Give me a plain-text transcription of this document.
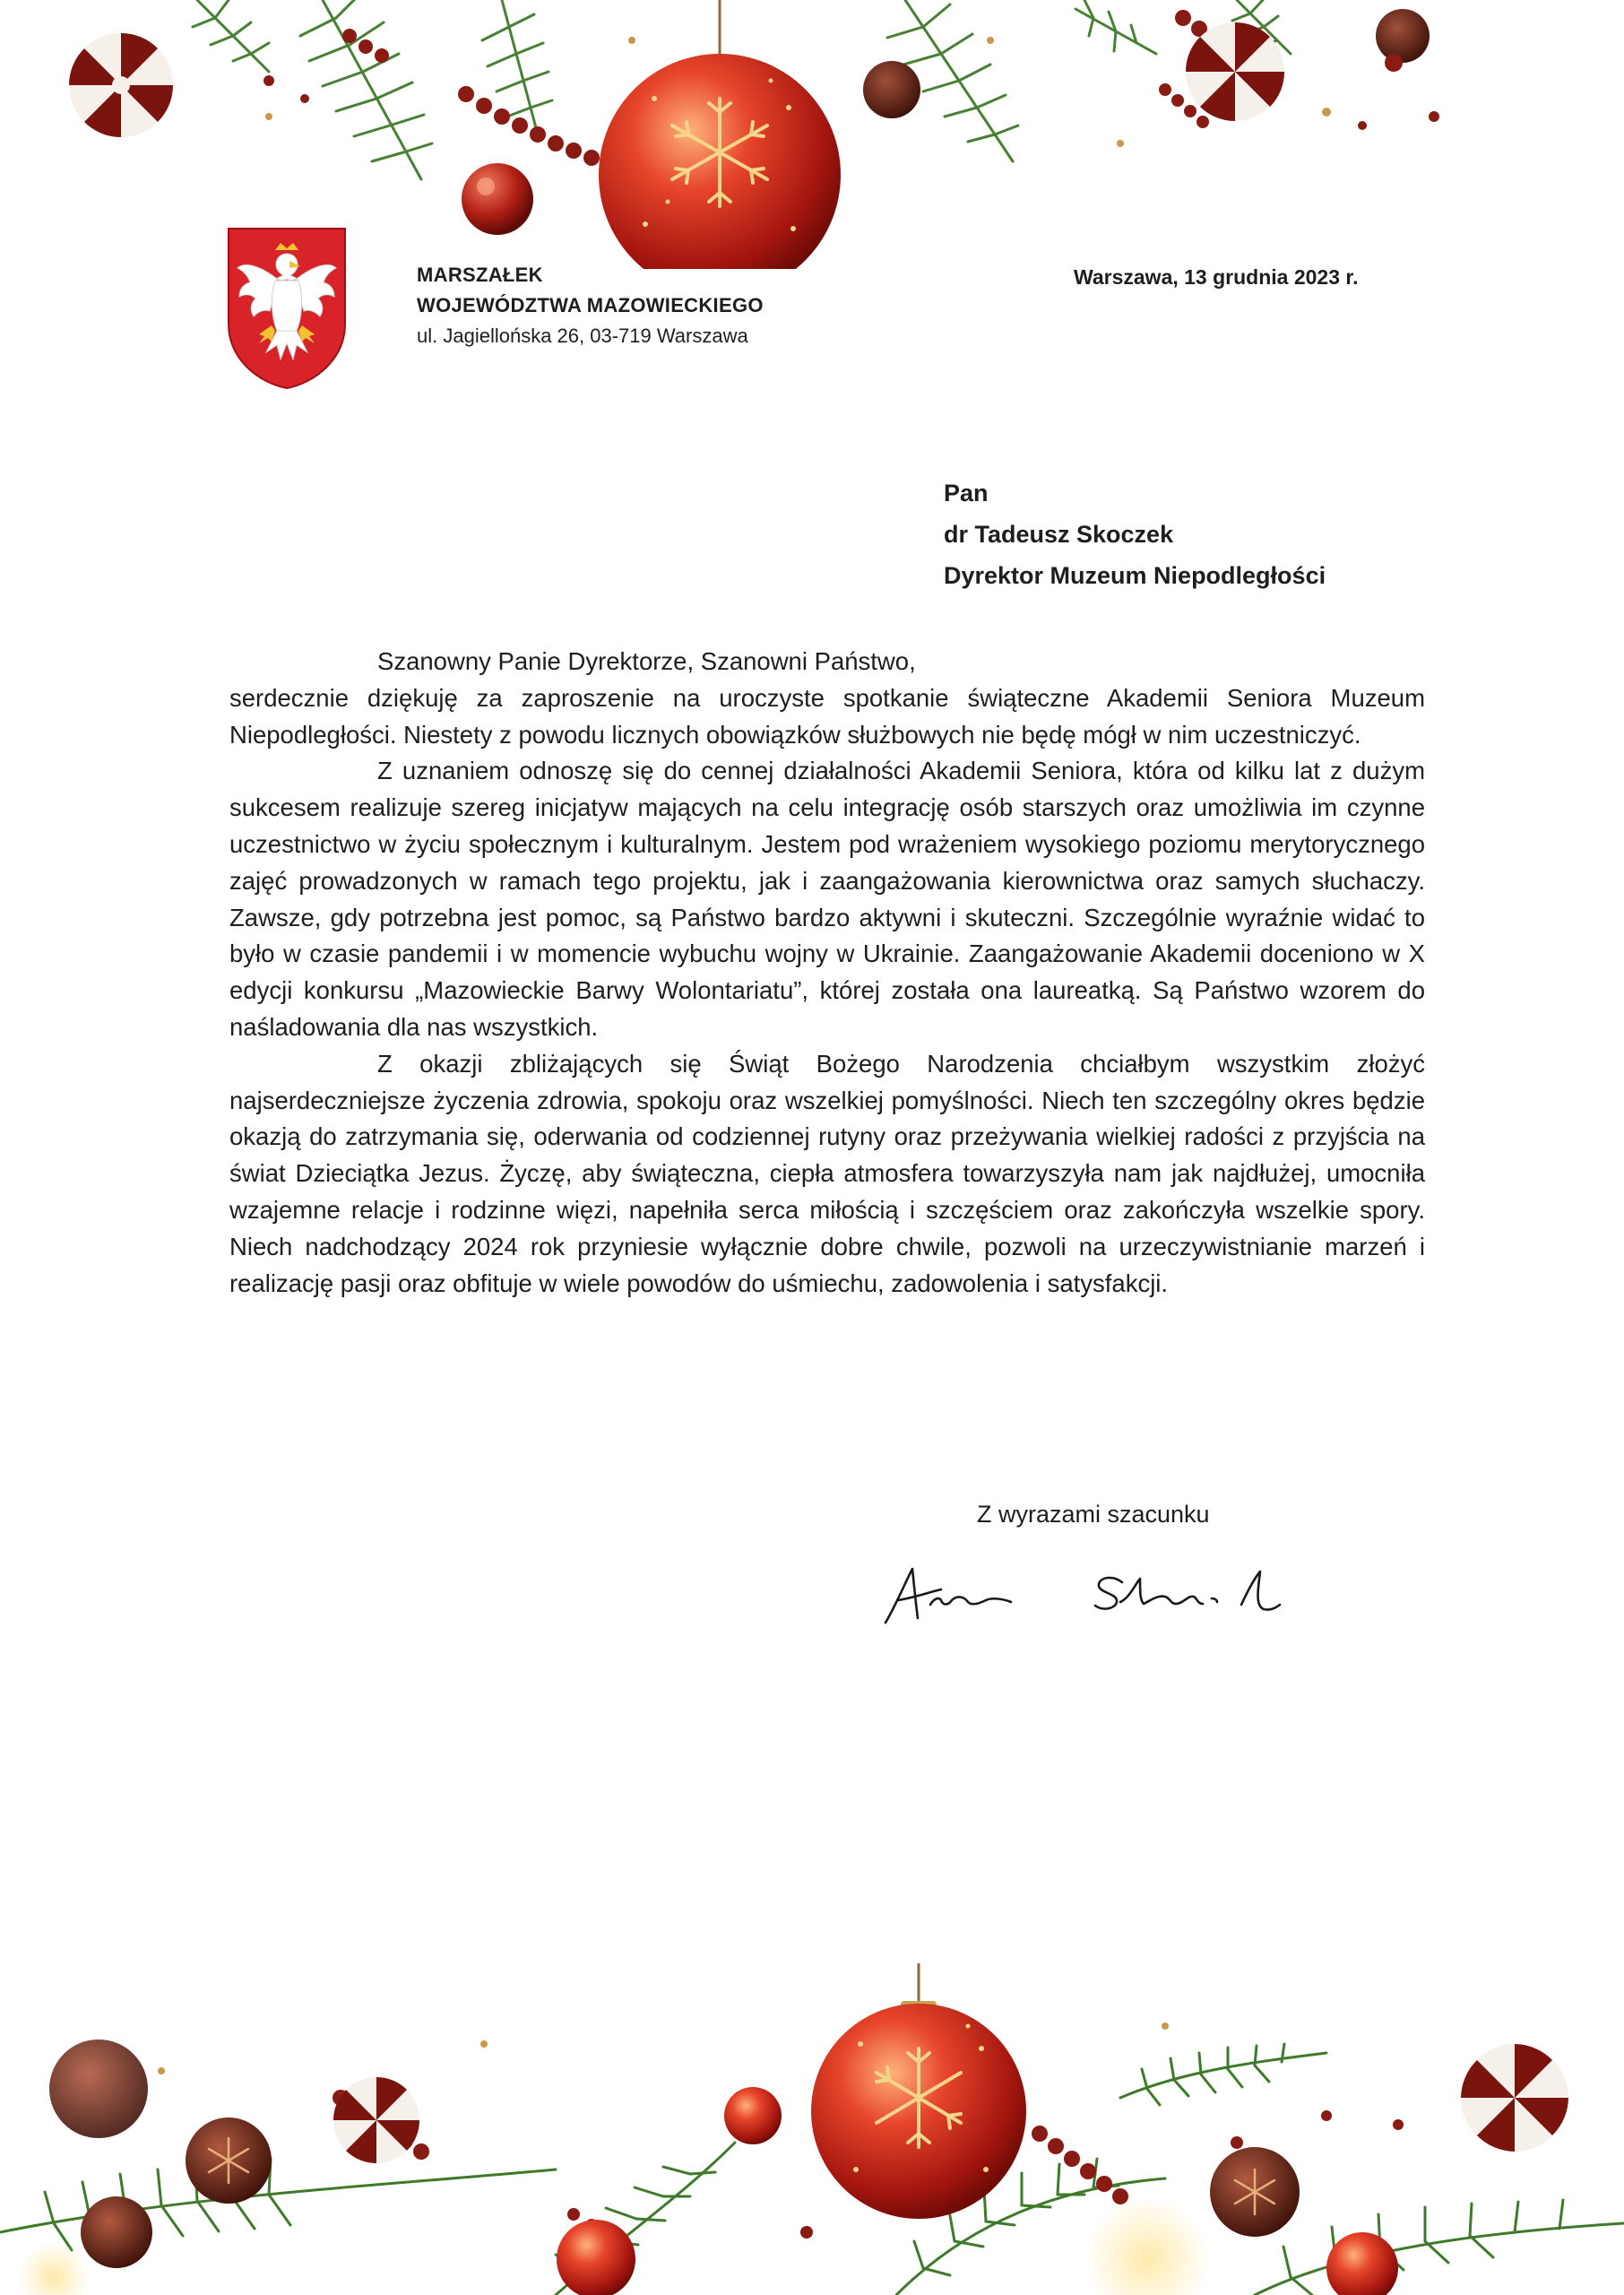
MARSZAŁEK
WOJEWÓDZTWA MAZOWIECKIEGO
ul. Jagiellońska 26, 03-719 Warszawa
Warszawa, 13 grudnia 2023 r.
Pan
dr Tadeusz Skoczek
Dyrektor Muzeum Niepodległości

Szanowny Panie Dyrektorze, Szanowni Państwo,

serdecznie dziękuję za zaproszenie na uroczyste spotkanie świąteczne Akademii Seniora Muzeum Niepodległości. Niestety z powodu licznych obowiązków służbowych nie będę mógł w nim uczestniczyć.

Z uznaniem odnoszę się do cennej działalności Akademii Seniora, która od kilku lat z dużym sukcesem realizuje szereg inicjatyw mających na celu integrację osób starszych oraz umożliwia im czynne uczestnictwo w życiu społecznym i kulturalnym. Jestem pod wrażeniem wysokiego poziomu merytorycznego zajęć prowadzonych w ramach tego projektu, jak i zaangażowania kierownictwa oraz samych słuchaczy. Zawsze, gdy potrzebna jest pomoc, są Państwo bardzo aktywni i skuteczni. Szczególnie wyraźnie widać to było w czasie pandemii i w momencie wybuchu wojny w Ukrainie. Zaangażowanie Akademii doceniono w X edycji konkursu „Mazowieckie Barwy Wolontariatu”, której została ona laureatką. Są Państwo wzorem do naśladowania dla nas wszystkich.

Z okazji zbliżających się Świąt Bożego Narodzenia chciałbym wszystkim złożyć najserdeczniejsze życzenia zdrowia, spokoju oraz wszelkiej pomyślności. Niech ten szczególny okres będzie okazją do zatrzymania się, oderwania od codziennej rutyny oraz przeżywania wielkiej radości z przyjścia na świat Dzieciątka Jezus. Życzę, aby świąteczna, ciepła atmosfera towarzyszyła nam jak najdłużej, umocniła wzajemne relacje i rodzinne więzi, napełniła serca miłością i szczęściem oraz zakończyła wszelkie spory. Niech nadchodzący 2024 rok przyniesie wyłącznie dobre chwile, pozwoli na urzeczywistnianie marzeń i realizację pasji oraz obfituje w wiele powodów do uśmiechu, zadowolenia i satysfakcji.

Z wyrazami szacunku
